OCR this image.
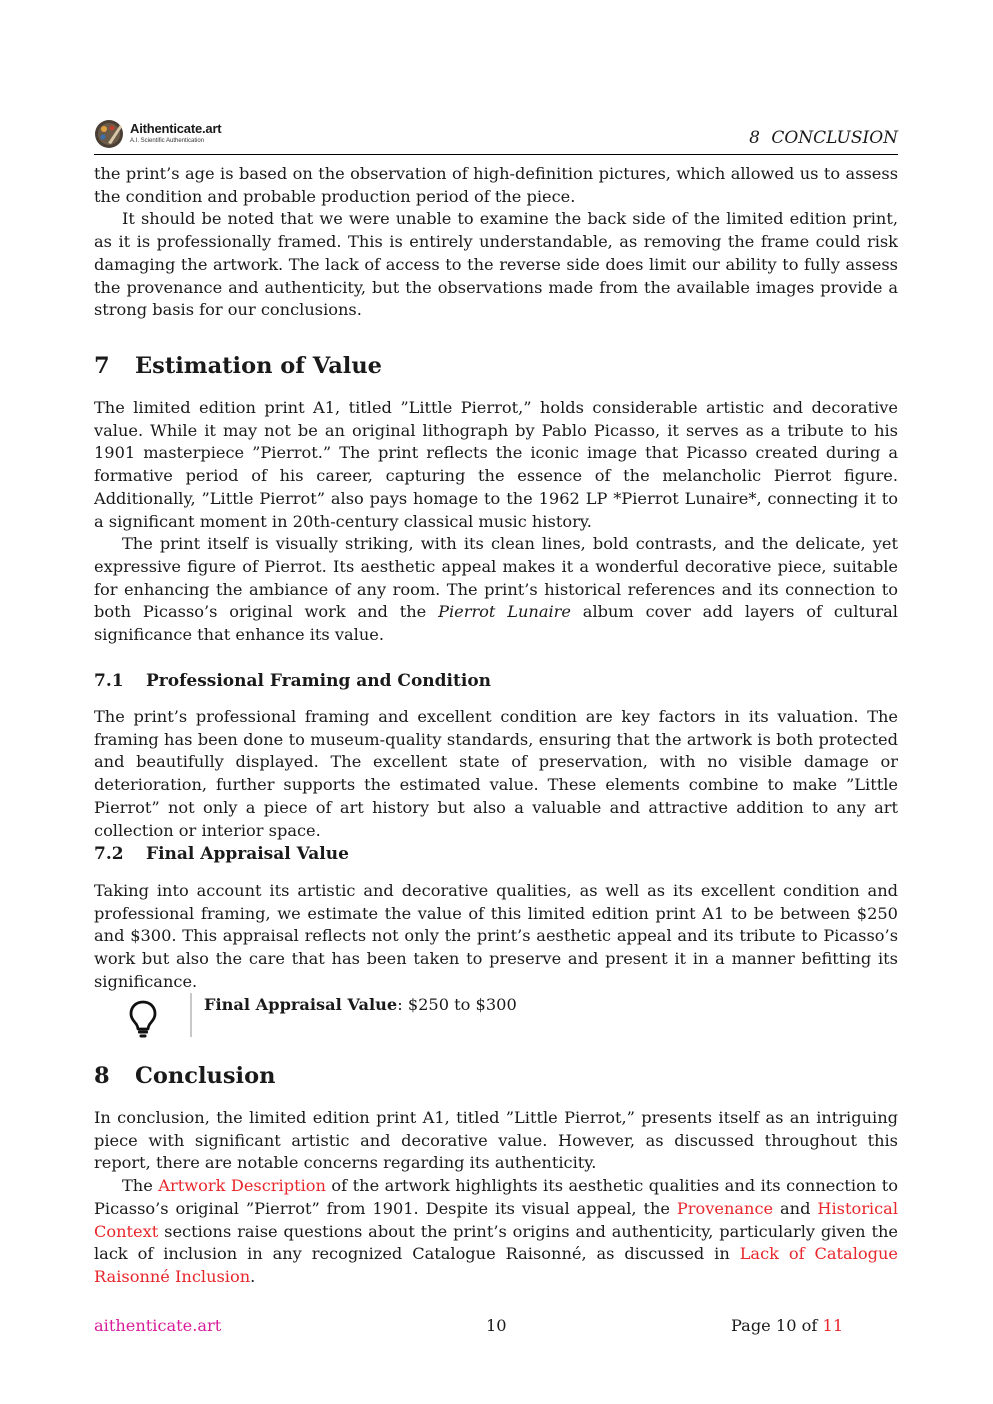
Aithenticate.art
A.I. Scientific Authentication	8 CONCLUSION

the print’s age is based on the observation of high-definition pictures, which allowed us to assess the condition and probable production period of the piece.

It should be noted that we were unable to examine the back side of the limited edition print, as it is professionally framed. This is entirely understandable, as removing the frame could risk damaging the artwork. The lack of access to the reverse side does limit our ability to fully assess the provenance and authenticity, but the observations made from the available images provide a strong basis for our conclusions.

7	Estimation of Value

The limited edition print A1, titled ”Little Pierrot,” holds considerable artistic and decorative value. While it may not be an original lithograph by Pablo Picasso, it serves as a tribute to his 1901 masterpiece ”Pierrot.” The print reflects the iconic image that Picasso created during a formative period of his career, capturing the essence of the melancholic Pierrot figure. Additionally, ”Little Pierrot” also pays homage to the 1962 LP *Pierrot Lunaire*, connecting it to a significant moment in 20th-century classical music history.

The print itself is visually striking, with its clean lines, bold contrasts, and the delicate, yet expressive figure of Pierrot. Its aesthetic appeal makes it a wonderful decorative piece, suitable for enhancing the ambiance of any room. The print’s historical references and its connection to both Picasso’s original work and the Pierrot Lunaire album cover add layers of cultural significance that enhance its value.

7.1	Professional Framing and Condition

The print’s professional framing and excellent condition are key factors in its valuation. The framing has been done to museum-quality standards, ensuring that the artwork is both protected and beautifully displayed. The excellent state of preservation, with no visible damage or deterioration, further supports the estimated value. These elements combine to make ”Little Pierrot” not only a piece of art history but also a valuable and attractive addition to any art collection or interior space.

7.2	Final Appraisal Value

Taking into account its artistic and decorative qualities, as well as its excellent condition and professional framing, we estimate the value of this limited edition print A1 to be between $250 and $300. This appraisal reflects not only the print’s aesthetic appeal and its tribute to Picasso’s work but also the care that has been taken to preserve and present it in a manner befitting its significance.

Final Appraisal Value: $250 to $300
8	Conclusion

In conclusion, the limited edition print A1, titled ”Little Pierrot,” presents itself as an intriguing piece with significant artistic and decorative value. However, as discussed throughout this report, there are notable concerns regarding its authenticity.

The Artwork Description of the artwork highlights its aesthetic qualities and its connection to Picasso’s original ”Pierrot” from 1901. Despite its visual appeal, the Provenance and Historical Context sections raise questions about the print’s origins and authenticity, particularly given the lack of inclusion in any recognized Catalogue Raisonné, as discussed in Lack of Catalogue Raisonné Inclusion.

aithenticate.art	10	Page 10 of 11
